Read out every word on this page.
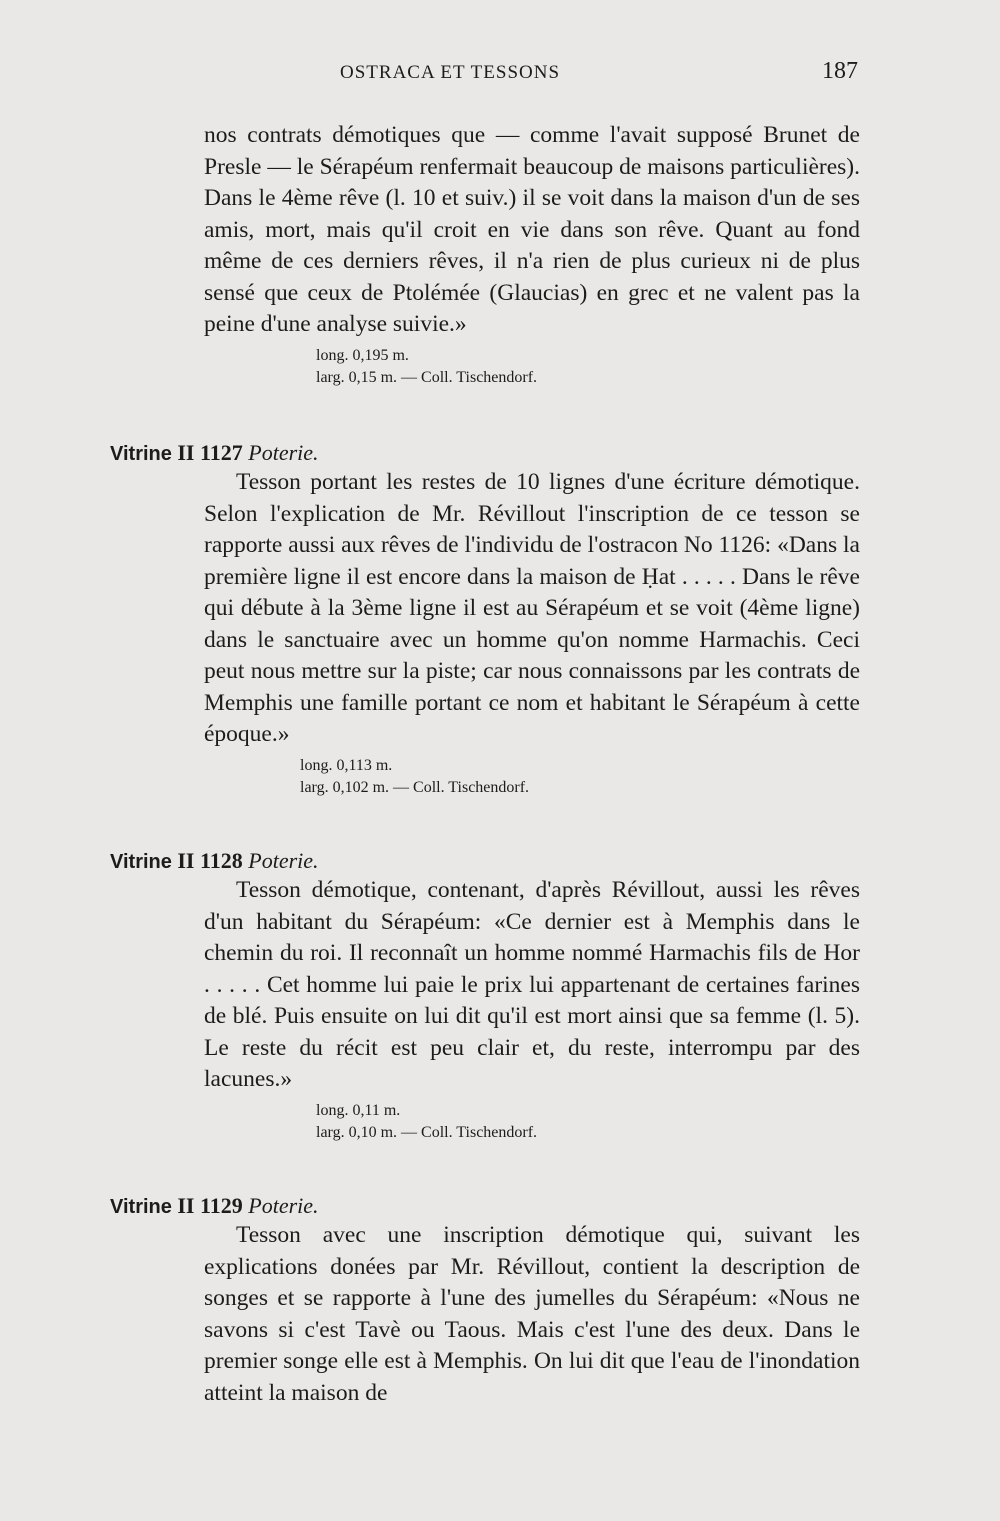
OSTRACA ET TESSONS	187

nos contrats démotiques que — comme l'avait supposé Brunet de Presle — le Sérapéum renfermait beaucoup de maisons particulières). Dans le 4ème rêve (l. 10 et suiv.) il se voit dans la maison d'un de ses amis, mort, mais qu'il croit en vie dans son rêve. Quant au fond même de ces derniers rêves, il n'a rien de plus curieux ni de plus sensé que ceux de Ptolémée (Glaucias) en grec et ne valent pas la peine d'une analyse suivie.»

long. 0,195 m.

larg. 0,15 m. — Coll. Tischendorf.

Vitrine II 1127 Poterie.

Tesson portant les restes de 10 lignes d'une écriture démotique. Selon l'explication de Mr. Révillout l'inscription de ce tesson se rapporte aussi aux rêves de l'individu de l'ostracon No 1126: «Dans la première ligne il est encore dans la maison de Ḥat . . . . . Dans le rêve qui débute à la 3ème ligne il est au Sérapéum et se voit (4ème ligne) dans le sanctuaire avec un homme qu'on nomme Harmachis. Ceci peut nous mettre sur la piste; car nous connaissons par les contrats de Memphis une famille portant ce nom et habitant le Sérapéum à cette époque.»

long. 0,113 m.

larg. 0,102 m. — Coll. Tischendorf.

Vitrine II 1128 Poterie.

Tesson démotique, contenant, d'après Révillout, aussi les rêves d'un habitant du Sérapéum: «Ce dernier est à Memphis dans le chemin du roi. Il reconnaît un homme nommé Harmachis fils de Hor . . . . . Cet homme lui paie le prix lui appartenant de certaines farines de blé. Puis ensuite on lui dit qu'il est mort ainsi que sa femme (l. 5). Le reste du récit est peu clair et, du reste, interrompu par des lacunes.»

long. 0,11 m.

larg. 0,10 m. — Coll. Tischendorf.

Vitrine II 1129 Poterie.

Tesson avec une inscription démotique qui, suivant les explications donées par Mr. Révillout, contient la description de songes et se rapporte à l'une des jumelles du Sérapéum: «Nous ne savons si c'est Tavè ou Taous. Mais c'est l'une des deux. Dans le premier songe elle est à Memphis. On lui dit que l'eau de l'inondation atteint la maison de
